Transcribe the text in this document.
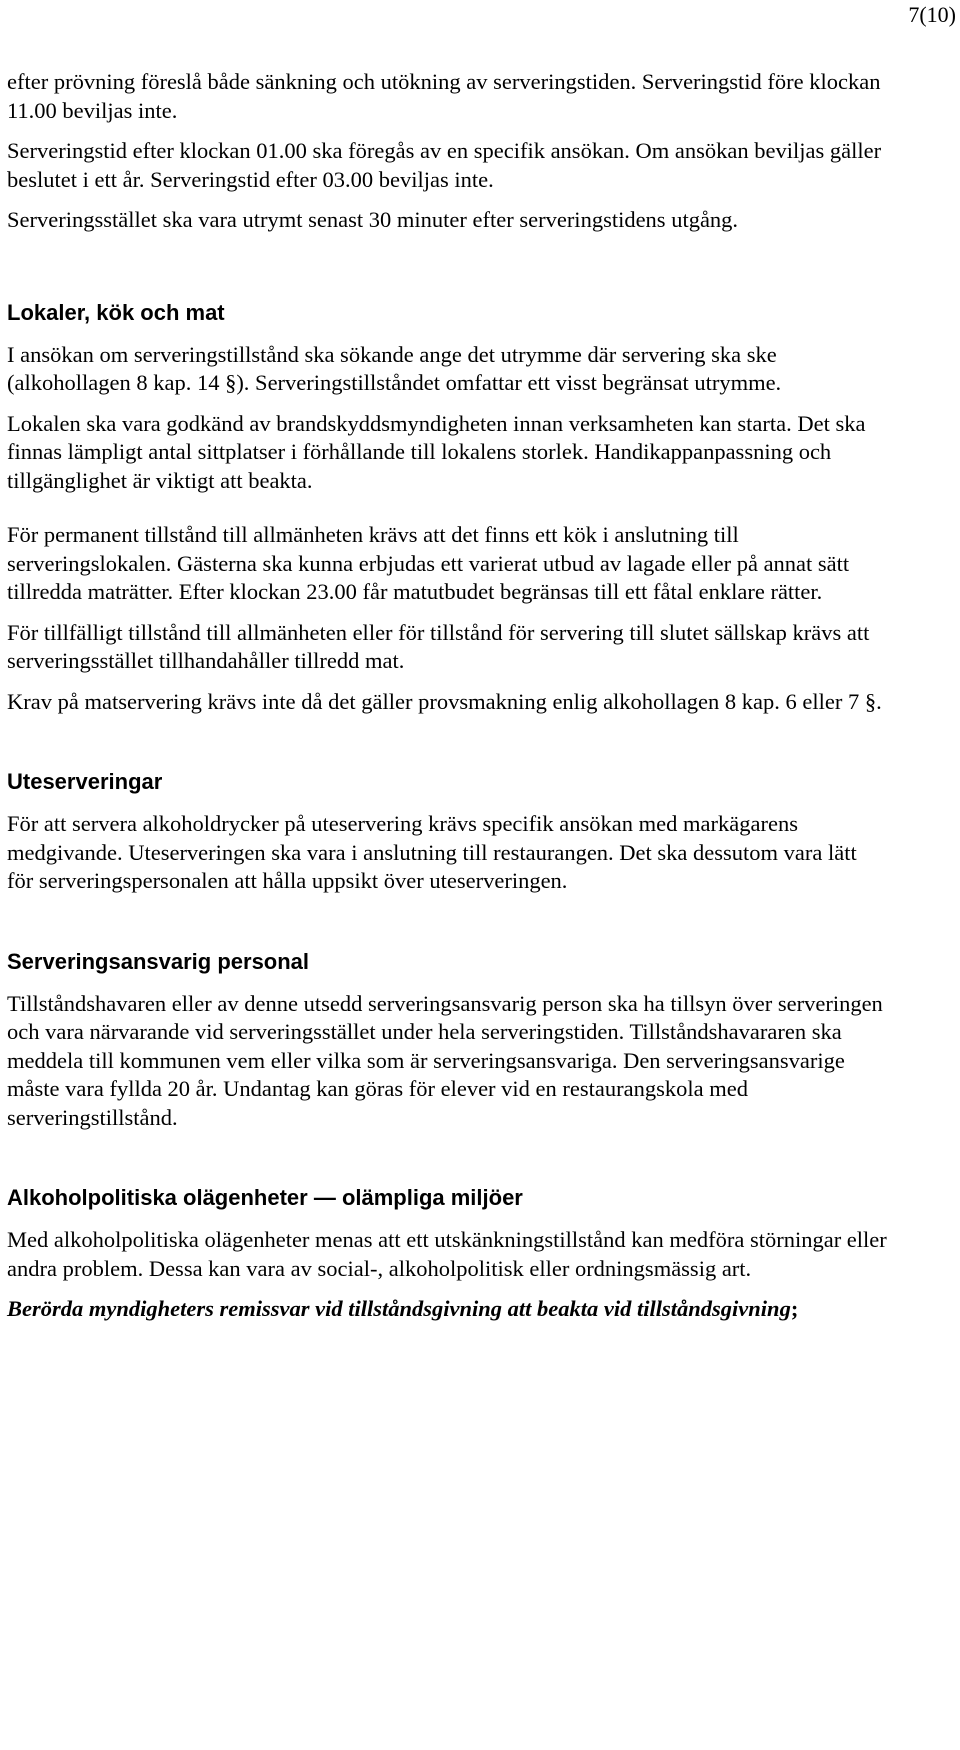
7(10)

efter prövning föreslå både sänkning och utökning av serveringstiden. Serveringstid före klockan 11.00 beviljas inte.

Serveringstid efter klockan 01.00 ska föregås av en specifik ansökan. Om ansökan beviljas gäller beslutet i ett år. Serveringstid efter 03.00 beviljas inte.

Serveringsstället ska vara utrymt senast 30 minuter efter serveringstidens utgång.

Lokaler, kök och mat

I ansökan om serveringstillstånd ska sökande ange det utrymme där servering ska ske (alkohollagen 8 kap. 14 §). Serveringstillståndet omfattar ett visst begränsat utrymme.

Lokalen ska vara godkänd av brandskyddsmyndigheten innan verksamheten kan starta. Det ska finnas lämpligt antal sittplatser i förhållande till lokalens storlek. Handikappanpassning och tillgänglighet är viktigt att beakta.

För permanent tillstånd till allmänheten krävs att det finns ett kök i anslutning till serveringslokalen. Gästerna ska kunna erbjudas ett varierat utbud av lagade eller på annat sätt tillredda maträtter. Efter klockan 23.00 får matutbudet begränsas till ett fåtal enklare rätter.

För tillfälligt tillstånd till allmänheten eller för tillstånd för servering till slutet sällskap krävs att serveringsstället tillhandahåller tillredd mat.

Krav på matservering krävs inte då det gäller provsmakning enlig alkohollagen 8 kap. 6 eller 7 §.

Uteserveringar

För att servera alkoholdrycker på uteservering krävs specifik ansökan med markägarens medgivande. Uteserveringen ska vara i anslutning till restaurangen. Det ska dessutom vara lätt för serveringspersonalen att hålla uppsikt över uteserveringen.

Serveringsansvarig personal

Tillståndshavaren eller av denne utsedd serveringsansvarig person ska ha tillsyn över serveringen och vara närvarande vid serveringsstället under hela serveringstiden. Tillståndshavararen ska meddela till kommunen vem eller vilka som är serveringsansvariga. Den serveringsansvarige måste vara fyllda 20 år. Undantag kan göras för elever vid en restaurangskola med serveringstillstånd.

Alkoholpolitiska olägenheter — olämpliga miljöer

Med alkoholpolitiska olägenheter menas att ett utskänkningstillstånd kan medföra störningar eller andra problem. Dessa kan vara av social-, alkoholpolitisk eller ordningsmässig art.

Berörda myndigheters remissvar vid tillståndsgivning att beakta vid tillståndsgivning;
